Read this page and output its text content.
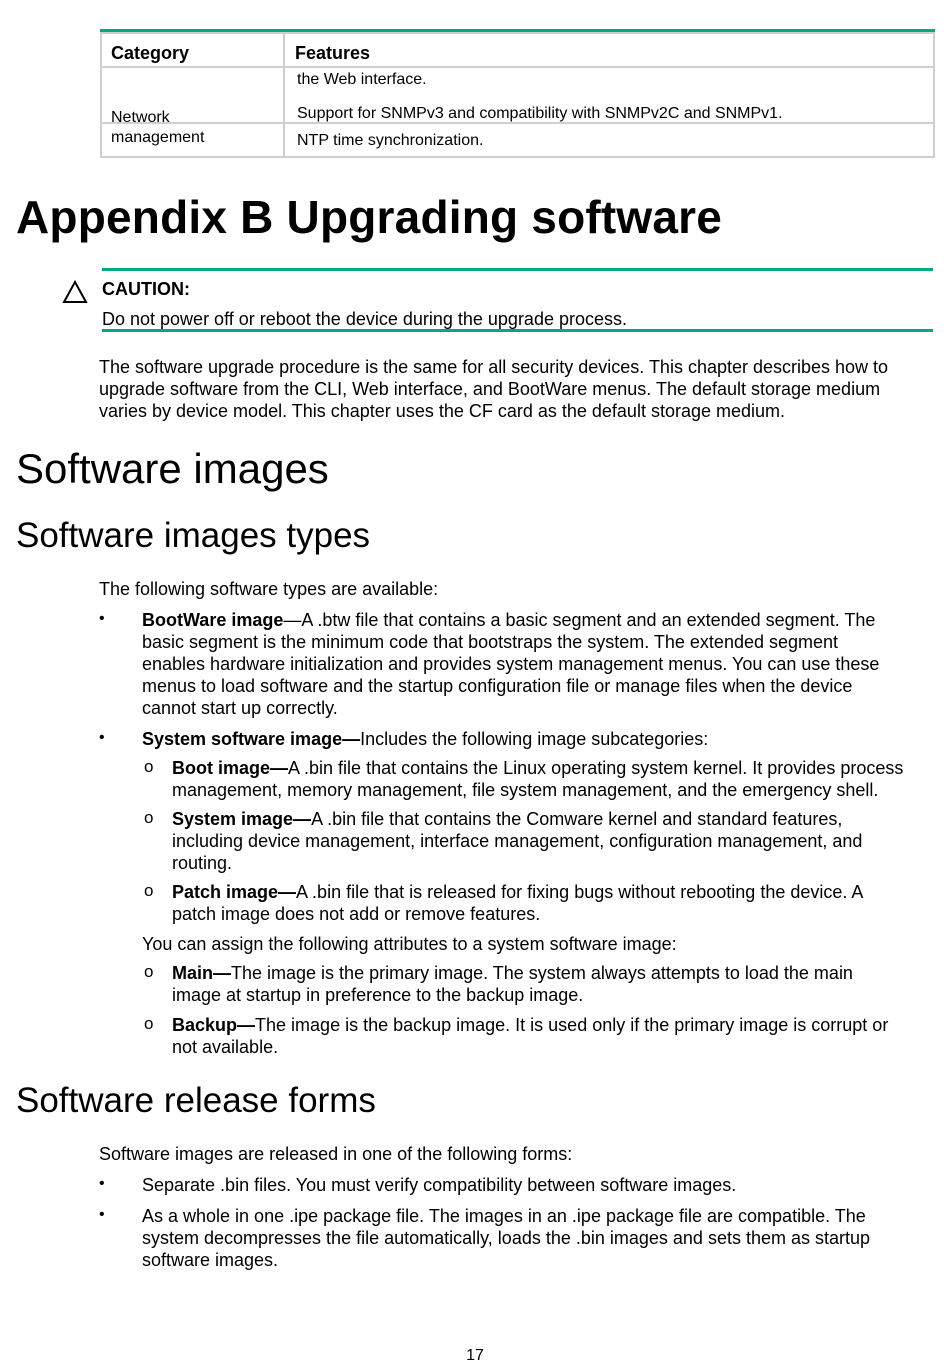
Category	Features
the Web interface.
Network management
Support for SNMPv3 and compatibility with SNMPv2C and SNMPv1.
NTP time synchronization.
Appendix B Upgrading software
CAUTION:
Do not power off or reboot the device during the upgrade process.
The software upgrade procedure is the same for all security devices. This chapter describes how to
upgrade software from the CLI, Web interface, and BootWare menus. The default storage medium
varies by device model. This chapter uses the CF card as the default storage medium.
Software images
Software images types
The following software types are available:
• BootWare image—A .btw file that contains a basic segment and an extended segment. The
basic segment is the minimum code that bootstraps the system. The extended segment
enables hardware initialization and provides system management menus. You can use these
menus to load software and the startup configuration file or manage files when the device
cannot start up correctly.
• System software image—Includes the following image subcategories:
o Boot image—A .bin file that contains the Linux operating system kernel. It provides process
management, memory management, file system management, and the emergency shell.
o System image—A .bin file that contains the Comware kernel and standard features,
including device management, interface management, configuration management, and
routing.
o Patch image—A .bin file that is released for fixing bugs without rebooting the device. A
patch image does not add or remove features.
You can assign the following attributes to a system software image:
o Main—The image is the primary image. The system always attempts to load the main
image at startup in preference to the backup image.
o Backup—The image is the backup image. It is used only if the primary image is corrupt or
not available.
Software release forms
Software images are released in one of the following forms:
• Separate .bin files. You must verify compatibility between software images.
• As a whole in one .ipe package file. The images in an .ipe package file are compatible. The
system decompresses the file automatically, loads the .bin images and sets them as startup
software images.
17
